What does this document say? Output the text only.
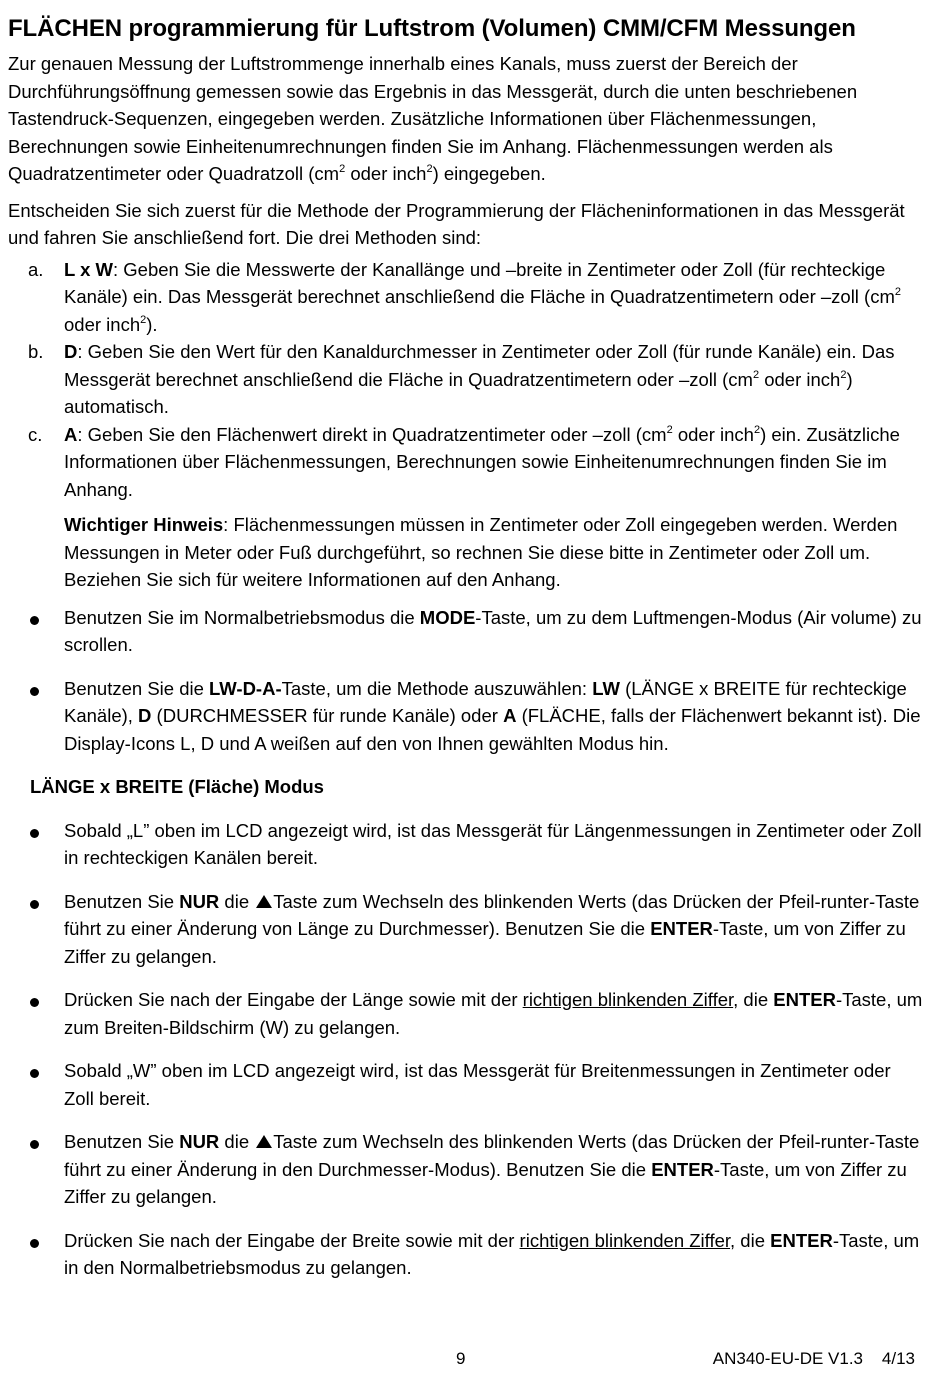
FLÄCHEN programmierung für Luftstrom (Volumen) CMM/CFM Messungen

Zur genauen Messung der Luftstrommenge innerhalb eines Kanals, muss zuerst der Bereich der Durchführungsöffnung gemessen sowie das Ergebnis in das Messgerät, durch die unten beschriebenen Tastendruck-Sequenzen, eingegeben werden. Zusätzliche Informationen über Flächenmessungen, Berechnungen sowie Einheitenumrechnungen finden Sie im Anhang. Flächenmessungen werden als Quadratzentimeter oder Quadratzoll ($cm^2$ oder inch$^2$) eingegeben.

Entscheiden Sie sich zuerst für die Methode der Programmierung der Flächeninformationen in das Messgerät und fahren Sie anschließend fort. Die drei Methoden sind:

a. L x W: Geben Sie die Messwerte der Kanallänge und –breite in Zentimeter oder Zoll (für rechteckige Kanäle) ein. Das Messgerät berechnet anschließend die Fläche in Quadratzentimetern oder –zoll ($cm^2$ oder inch$^2$).
b. D: Geben Sie den Wert für den Kanaldurchmesser in Zentimeter oder Zoll (für runde Kanäle) ein. Das Messgerät berechnet anschließend die Fläche in Quadratzentimetern oder –zoll ($cm^2$ oder inch$^2$) automatisch.
c. A: Geben Sie den Flächenwert direkt in Quadratzentimeter oder –zoll ($cm^2$ oder inch$^2$) ein. Zusätzliche Informationen über Flächenmessungen, Berechnungen sowie Einheitenumrechnungen finden Sie im Anhang.

Wichtiger Hinweis: Flächenmessungen müssen in Zentimeter oder Zoll eingegeben werden. Werden Messungen in Meter oder Fuß durchgeführt, so rechnen Sie diese bitte in Zentimeter oder Zoll um. Beziehen Sie sich für weitere Informationen auf den Anhang.

Benutzen Sie im Normalbetriebsmodus die MODE-Taste, um zu dem Luftmengen-Modus (Air volume) zu scrollen.
Benutzen Sie die LW-D-A-Taste, um die Methode auszuwählen: LW (LÄNGE x BREITE für rechteckige Kanäle), D (DURCHMESSER für runde Kanäle) oder A (FLÄCHE, falls der Flächenwert bekannt ist). Die Display-Icons L, D und A weißen auf den von Ihnen gewählten Modus hin.

LÄNGE x BREITE (Fläche) Modus

Sobald „L” oben im LCD angezeigt wird, ist das Messgerät für Längenmessungen in Zentimeter oder Zoll in rechteckigen Kanälen bereit.
Benutzen Sie NUR die Taste zum Wechseln des blinkenden Werts (das Drücken der Pfeil-runter-Taste führt zu einer Änderung von Länge zu Durchmesser). Benutzen Sie die ENTER-Taste, um von Ziffer zu Ziffer zu gelangen.
Drücken Sie nach der Eingabe der Länge sowie mit der richtigen blinkenden Ziffer, die ENTER-Taste, um zum Breiten-Bildschirm (W) zu gelangen.
Sobald „W” oben im LCD angezeigt wird, ist das Messgerät für Breitenmessungen in Zentimeter oder Zoll bereit.
Benutzen Sie NUR die Taste zum Wechseln des blinkenden Werts (das Drücken der Pfeil-runter-Taste führt zu einer Änderung in den Durchmesser-Modus). Benutzen Sie die ENTER-Taste, um von Ziffer zu Ziffer zu gelangen.
Drücken Sie nach der Eingabe der Breite sowie mit der richtigen blinkenden Ziffer, die ENTER-Taste, um in den Normalbetriebsmodus zu gelangen.
9	AN340-EU-DE V1.3    4/13
